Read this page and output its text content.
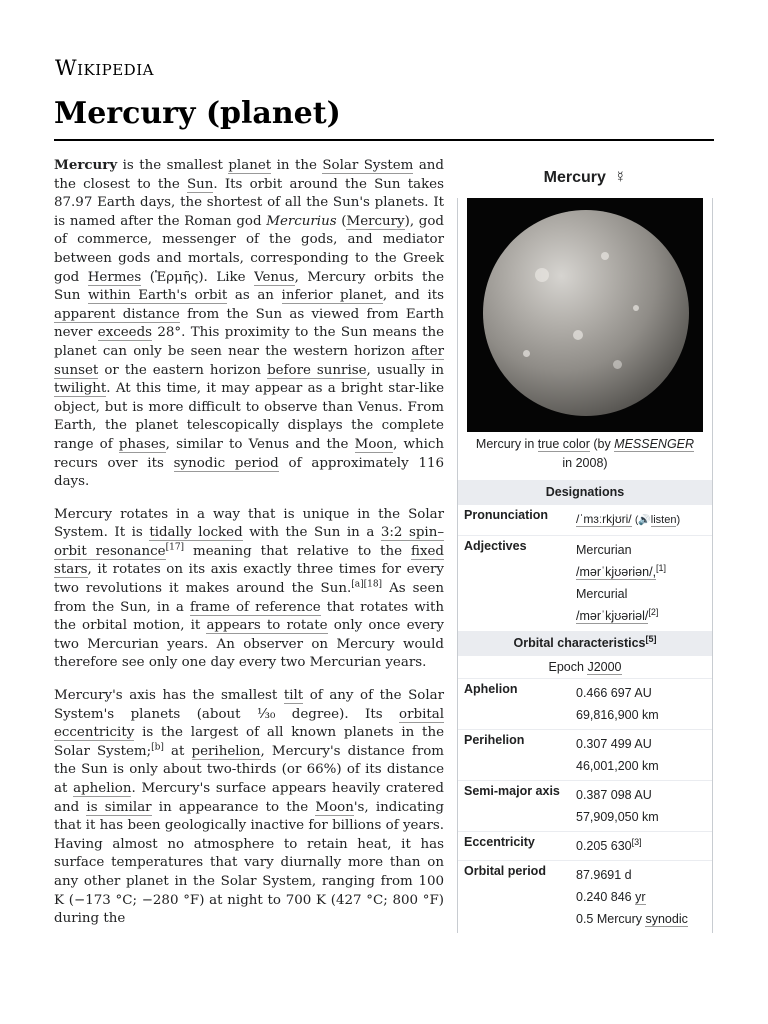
Wikipedia
Mercury (planet)

Mercury is the smallest planet in the Solar System and the closest to the Sun. Its orbit around the Sun takes 87.97 Earth days, the shortest of all the Sun's planets. It is named after the Roman god Mercurius (Mercury), god of commerce, messenger of the gods, and mediator between gods and mortals, corresponding to the Greek god Hermes (Ἑρμῆς). Like Venus, Mercury orbits the Sun within Earth's orbit as an inferior planet, and its apparent distance from the Sun as viewed from Earth never exceeds 28°. This proximity to the Sun means the planet can only be seen near the western horizon after sunset or the eastern horizon before sunrise, usually in twilight. At this time, it may appear as a bright star-like object, but is more difficult to observe than Venus. From Earth, the planet telescopically displays the complete range of phases, similar to Venus and the Moon, which recurs over its synodic period of approximately 116 days.

Mercury rotates in a way that is unique in the Solar System. It is tidally locked with the Sun in a 3:2 spin–orbit resonance[17] meaning that relative to the fixed stars, it rotates on its axis exactly three times for every two revolutions it makes around the Sun.[a][18] As seen from the Sun, in a frame of reference that rotates with the orbital motion, it appears to rotate only once every two Mercurian years. An observer on Mercury would therefore see only one day every two Mercurian years.

Mercury's axis has the smallest tilt of any of the Solar System's planets (about ¹⁄₃₀ degree). Its orbital eccentricity is the largest of all known planets in the Solar System;[b] at perihelion, Mercury's distance from the Sun is only about two-thirds (or 66%) of its distance at aphelion. Mercury's surface appears heavily cratered and is similar in appearance to the Moon's, indicating that it has been geologically inactive for billions of years. Having almost no atmosphere to retain heat, it has surface temperatures that vary diurnally more than on any other planet in the Solar System, ranging from 100 K (−173 °C; −280 °F) at night to 700 K (427 °C; 800 °F) during the

Mercury ☿
Mercury in true color (by MESSENGER
in 2008)
Designations
Pronunciation	/ˈmɜːrkjʊri/ (🔊listen)
Adjectives	Mercurian
/mərˈkjʊəriən/,[1]
Mercurial
/mərˈkjʊəriəl/[2]
Orbital characteristics[5]
Epoch J2000
Aphelion	0.466 697 AU
69,816,900 km
Perihelion	0.307 499 AU
46,001,200 km
Semi-major axis	0.387 098 AU
57,909,050 km
Eccentricity	0.205 630[3]
Orbital period	87.9691 d
0.240 846 yr
0.5 Mercury synodic
